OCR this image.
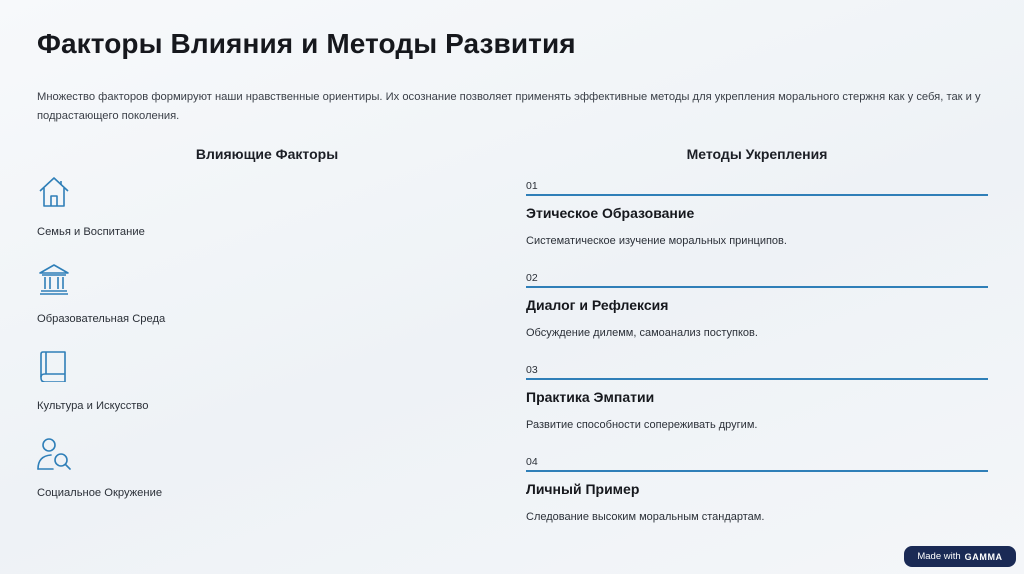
Факторы Влияния и Методы Развития

Множество факторов формируют наши нравственные ориентиры. Их осознание позволяет применять эффективные методы для укрепления морального стержня как у себя, так и у подрастающего поколения.

Влияющие Факторы	Методы Укрепления
Семья и Воспитание
Образовательная Среда
Культура и Искусство
Социальное Окружение
01
Этическое Образование
Систематическое изучение моральных принципов.
02
Диалог и Рефлексия
Обсуждение дилемм, самоанализ поступков.
03
Практика Эмпатии
Развитие способности сопереживать другим.
04
Личный Пример
Следование высоким моральным стандартам.
Made with GAMMA
